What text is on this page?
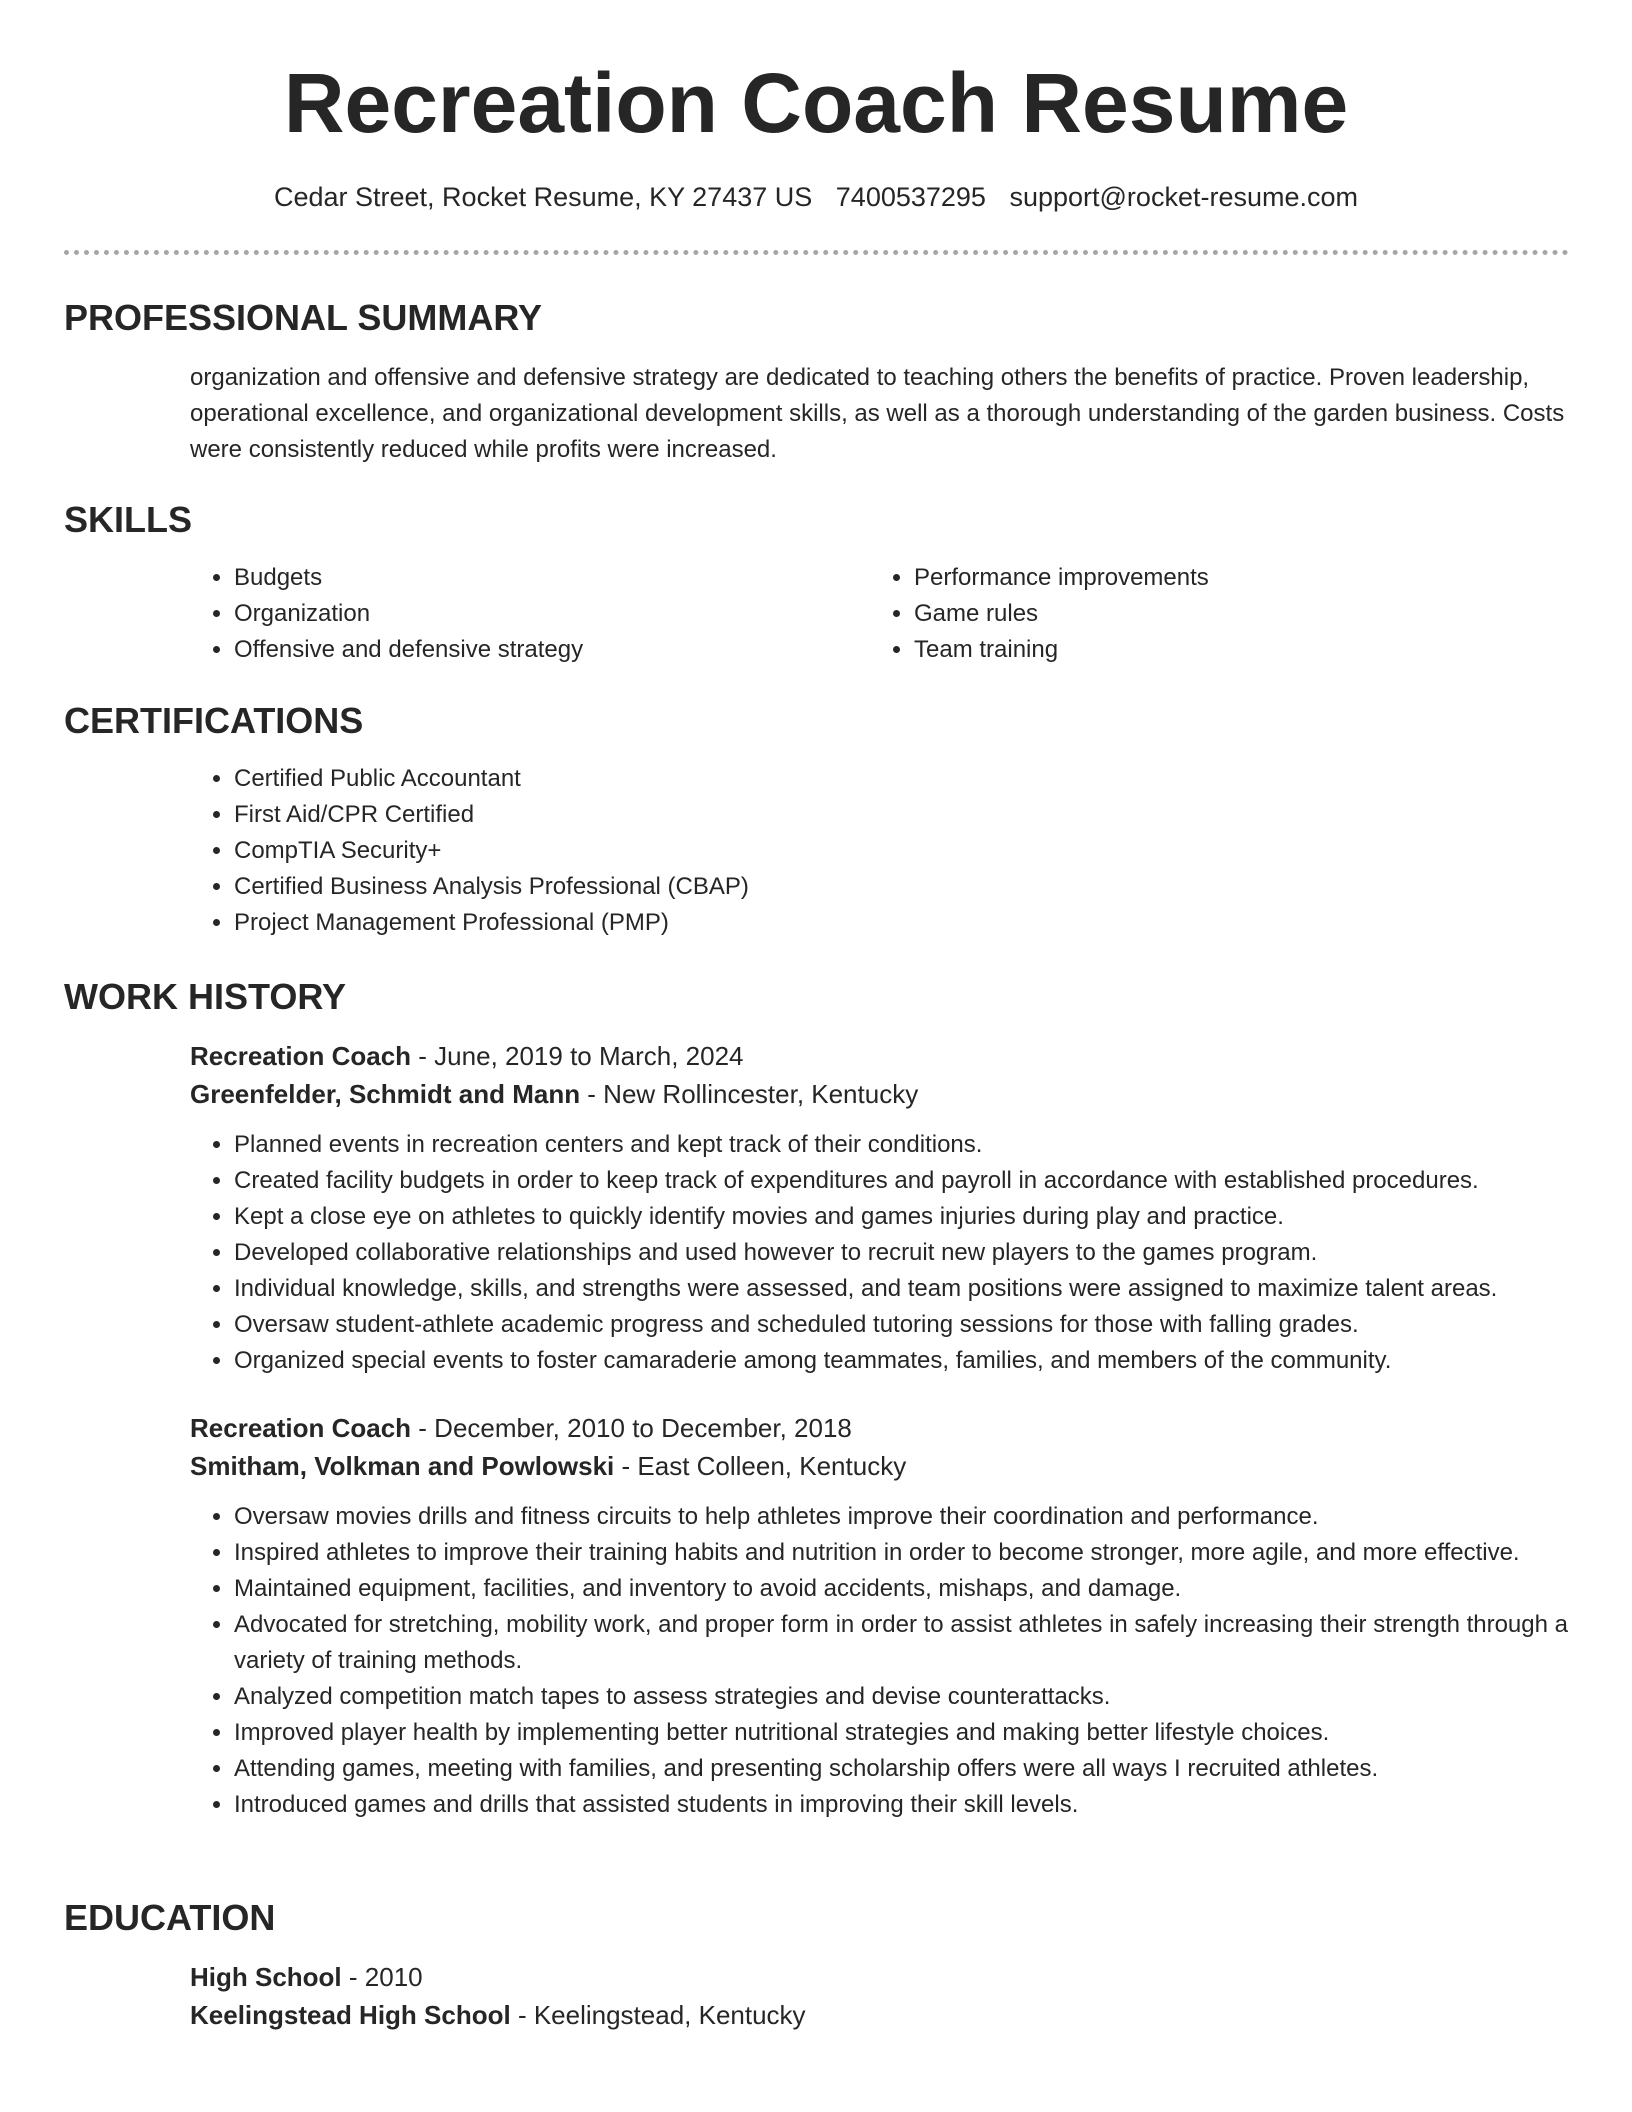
Recreation Coach Resume
Cedar Street, Rocket Resume, KY 27437 US 7400537295 support@rocket-resume.com
PROFESSIONAL SUMMARY
organization and offensive and defensive strategy are dedicated to teaching others the benefits of practice. Proven leadership, operational excellence, and organizational development skills, as well as a thorough understanding of the garden business. Costs were consistently reduced while profits were increased.
SKILLS
• Budgets
• Organization
• Offensive and defensive strategy
• Performance improvements
• Game rules
• Team training
CERTIFICATIONS
• Certified Public Accountant
• First Aid/CPR Certified
• CompTIA Security+
• Certified Business Analysis Professional (CBAP)
• Project Management Professional (PMP)
WORK HISTORY
Recreation Coach - June, 2019 to March, 2024
Greenfelder, Schmidt and Mann - New Rollincester, Kentucky
• Planned events in recreation centers and kept track of their conditions.
• Created facility budgets in order to keep track of expenditures and payroll in accordance with established procedures.
• Kept a close eye on athletes to quickly identify movies and games injuries during play and practice.
• Developed collaborative relationships and used however to recruit new players to the games program.
• Individual knowledge, skills, and strengths were assessed, and team positions were assigned to maximize talent areas.
• Oversaw student-athlete academic progress and scheduled tutoring sessions for those with falling grades.
• Organized special events to foster camaraderie among teammates, families, and members of the community.
Recreation Coach - December, 2010 to December, 2018
Smitham, Volkman and Powlowski - East Colleen, Kentucky
• Oversaw movies drills and fitness circuits to help athletes improve their coordination and performance.
• Inspired athletes to improve their training habits and nutrition in order to become stronger, more agile, and more effective.
• Maintained equipment, facilities, and inventory to avoid accidents, mishaps, and damage.
• Advocated for stretching, mobility work, and proper form in order to assist athletes in safely increasing their strength through a variety of training methods.
• Analyzed competition match tapes to assess strategies and devise counterattacks.
• Improved player health by implementing better nutritional strategies and making better lifestyle choices.
• Attending games, meeting with families, and presenting scholarship offers were all ways I recruited athletes.
• Introduced games and drills that assisted students in improving their skill levels.
EDUCATION
High School - 2010
Keelingstead High School - Keelingstead, Kentucky
